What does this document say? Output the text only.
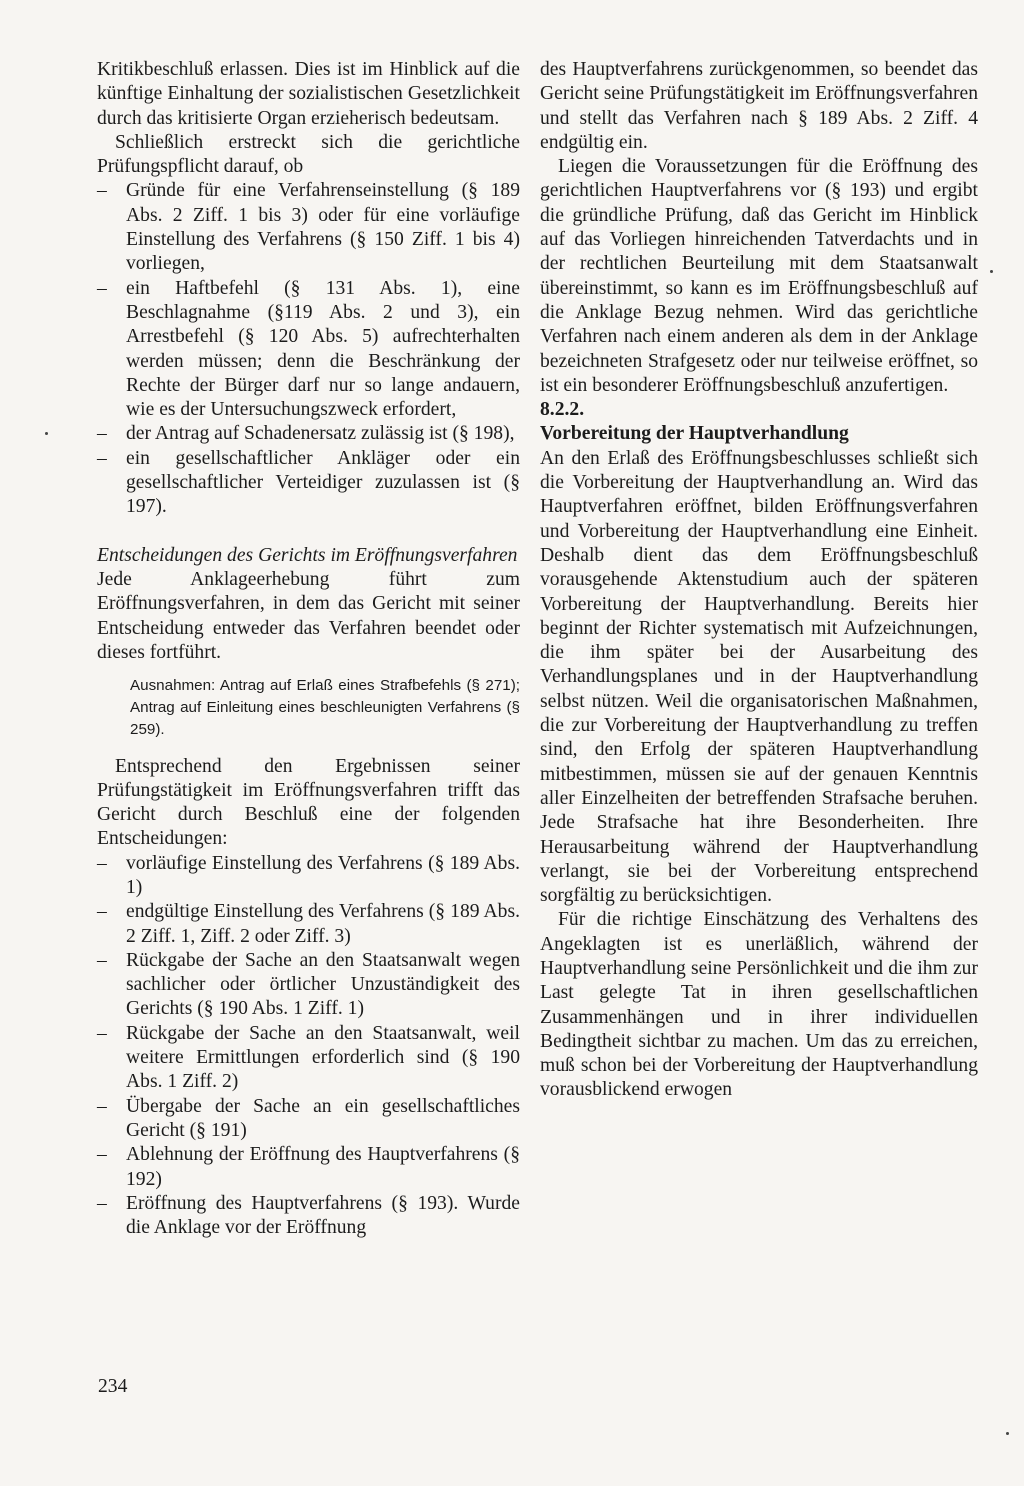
Kritikbeschluß erlassen. Dies ist im Hinblick auf die künftige Einhaltung der sozialistischen Gesetzlichkeit durch das kritisierte Organ erzieherisch bedeutsam.

Schließlich erstreckt sich die gerichtliche Prüfungspflicht darauf, ob

– Gründe für eine Verfahrenseinstellung (§ 189 Abs. 2 Ziff. 1 bis 3) oder für eine vorläufige Einstellung des Verfahrens (§ 150 Ziff. 1 bis 4) vorliegen,
– ein Haftbefehl (§ 131 Abs. 1), eine Beschlagnahme (§119 Abs. 2 und 3), ein Arrestbefehl (§ 120 Abs. 5) aufrechterhalten werden müssen; denn die Beschränkung der Rechte der Bürger darf nur so lange andauern, wie es der Untersuchungszweck erfordert,
– der Antrag auf Schadenersatz zulässig ist (§ 198),
– ein gesellschaftlicher Ankläger oder ein gesellschaftlicher Verteidiger zuzulassen ist (§ 197).

Entscheidungen des Gerichts im Eröffnungsverfahren

Jede Anklageerhebung führt zum Eröffnungsverfahren, in dem das Gericht mit seiner Entscheidung entweder das Verfahren beendet oder dieses fortführt.

Ausnahmen: Antrag auf Erlaß eines Strafbefehls (§ 271); Antrag auf Einleitung eines beschleunigten Verfahrens (§ 259).

Entsprechend den Ergebnissen seiner Prüfungstätigkeit im Eröffnungsverfahren trifft das Gericht durch Beschluß eine der folgenden Entscheidungen:

– vorläufige Einstellung des Verfahrens (§ 189 Abs. 1)
– endgültige Einstellung des Verfahrens (§ 189 Abs. 2 Ziff. 1, Ziff. 2 oder Ziff. 3)
– Rückgabe der Sache an den Staatsanwalt wegen sachlicher oder örtlicher Unzuständigkeit des Gerichts (§ 190 Abs. 1 Ziff. 1)
– Rückgabe der Sache an den Staatsanwalt, weil weitere Ermittlungen erforderlich sind (§ 190 Abs. 1 Ziff. 2)
– Übergabe der Sache an ein gesellschaftliches Gericht (§ 191)
– Ablehnung der Eröffnung des Hauptverfahrens (§ 192)
– Eröffnung des Hauptverfahrens (§ 193). Wurde die Anklage vor der Eröffnung

des Hauptverfahrens zurückgenommen, so beendet das Gericht seine Prüfungstätigkeit im Eröffnungsverfahren und stellt das Verfahren nach § 189 Abs. 2 Ziff. 4 endgültig ein.

Liegen die Voraussetzungen für die Eröffnung des gerichtlichen Hauptverfahrens vor (§ 193) und ergibt die gründliche Prüfung, daß das Gericht im Hinblick auf das Vorliegen hinreichenden Tatverdachts und in der rechtlichen Beurteilung mit dem Staatsanwalt übereinstimmt, so kann es im Eröffnungsbeschluß auf die Anklage Bezug nehmen. Wird das gerichtliche Verfahren nach einem anderen als dem in der Anklage bezeichneten Strafgesetz oder nur teilweise eröffnet, so ist ein besonderer Eröffnungsbeschluß anzufertigen.

8.2.2.

Vorbereitung der Hauptverhandlung

An den Erlaß des Eröffnungsbeschlusses schließt sich die Vorbereitung der Hauptverhandlung an. Wird das Hauptverfahren eröffnet, bilden Eröffnungsverfahren und Vorbereitung der Hauptverhandlung eine Einheit. Deshalb dient das dem Eröffnungsbeschluß vorausgehende Aktenstudium auch der späteren Vorbereitung der Hauptverhandlung. Bereits hier beginnt der Richter systematisch mit Aufzeichnungen, die ihm später bei der Ausarbeitung des Verhandlungsplanes und in der Hauptverhandlung selbst nützen. Weil die organisatorischen Maßnahmen, die zur Vorbereitung der Hauptverhandlung zu treffen sind, den Erfolg der späteren Hauptverhandlung mitbestimmen, müssen sie auf der genauen Kenntnis aller Einzelheiten der betreffenden Strafsache beruhen. Jede Strafsache hat ihre Besonderheiten. Ihre Herausarbeitung während der Hauptverhandlung verlangt, sie bei der Vorbereitung entsprechend sorgfältig zu berücksichtigen.

Für die richtige Einschätzung des Verhaltens des Angeklagten ist es unerläßlich, während der Hauptverhandlung seine Persönlichkeit und die ihm zur Last gelegte Tat in ihren gesellschaftlichen Zusammenhängen und in ihrer individuellen Bedingtheit sichtbar zu machen. Um das zu erreichen, muß schon bei der Vorbereitung der Hauptverhandlung vorausblickend erwogen

234
